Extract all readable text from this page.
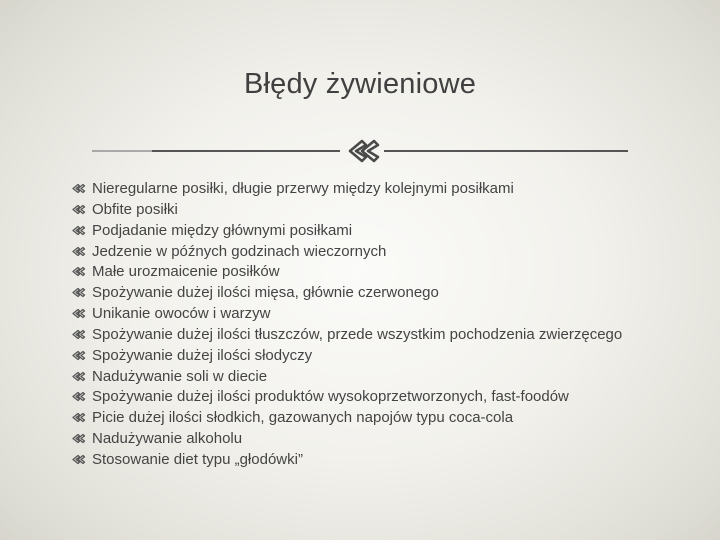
Błędy żywieniowe
Nieregularne posiłki, długie przerwy między kolejnymi posiłkami
Obfite posiłki
Podjadanie między głównymi posiłkami
Jedzenie w późnych godzinach wieczornych
Małe urozmaicenie posiłków
Spożywanie dużej ilości mięsa, głównie czerwonego
Unikanie owoców i warzyw
Spożywanie dużej ilości tłuszczów, przede wszystkim pochodzenia zwierzęcego
Spożywanie dużej ilości słodyczy
Nadużywanie soli w diecie
Spożywanie dużej ilości produktów wysokoprzetworzonych, fast-foodów
Picie dużej ilości słodkich, gazowanych napojów typu coca-cola
Nadużywanie alkoholu
Stosowanie diet typu „głodówki”
